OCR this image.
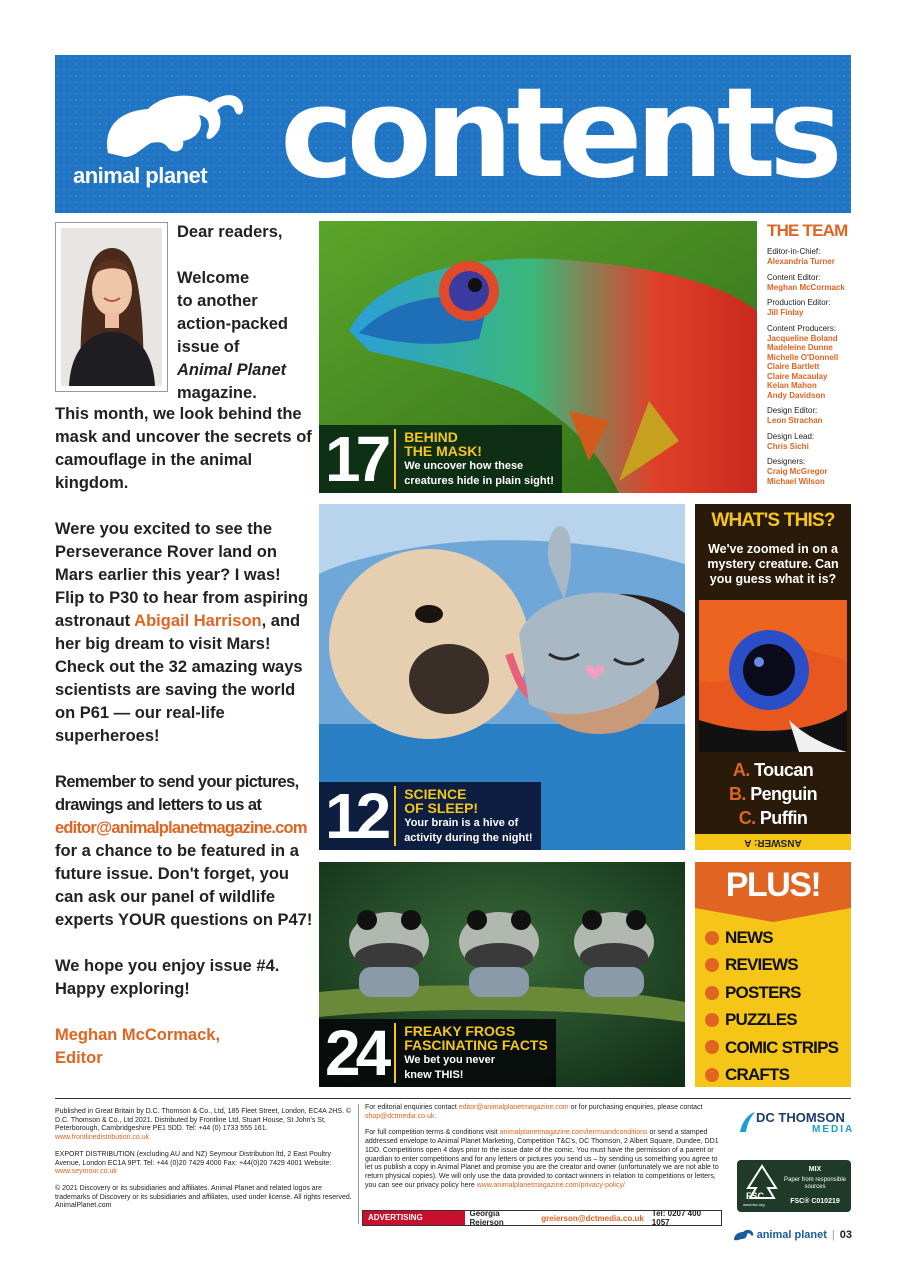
animal planet contents
Dear readers,
Welcome
to another
action-packed
issue of
Animal Planet
magazine.

This month, we look behind the mask and uncover the secrets of camouflage in the animal kingdom.

Were you excited to see the Perseverance Rover land on Mars earlier this year? I was! Flip to P30 to hear from aspiring astronaut Abigail Harrison, and her big dream to visit Mars! Check out the 32 amazing ways scientists are saving the world on P61 — our real-life superheroes!

Remember to send your pictures, drawings and letters to us at
editor@animalplanetmagazine.com
for a chance to be featured in a future issue. Don't forget, you can ask our panel of wildlife experts YOUR questions on P47!

We hope you enjoy issue #4. Happy exploring!

Meghan McCormack,
Editor

17	BEHIND
THE MASK!
We uncover how these
creatures hide in plain sight!
THE TEAM
Editor-in-Chief:
Alexandria Turner
Content Editor:
Meghan McCormack
Production Editor:
Jill Finlay
Content Producers:
Jacqueline Boland
Madeleine Dunne
Michelle O'Donnell
Claire Bartlett
Claire Macaulay
Kelan Mahon
Andy Davidson
Design Editor:
Leon Strachan
Design Lead:
Chris Sichi
Designers:
Craig McGregor
Michael Wilson
12	SCIENCE
OF SLEEP!
Your brain is a hive of
activity during the night!
WHAT'S THIS?
We've zoomed in on a mystery creature. Can you guess what it is?
A. Toucan
B. Penguin
C. Puffin
ANSWER: A
24	FREAKY FROGS
FASCINATING FACTS
We bet you never
knew THIS!
PLUS!
NEWS
REVIEWS
POSTERS
PUZZLES
COMIC STRIPS
CRAFTS

Published in Great Britain by D.C. Thomson & Co., Ltd, 185 Fleet Street, London, EC4A 2HS. © D.C. Thomson & Co., Ltd 2021. Distributed by Frontline Ltd, Stuart House, St John's St, Peterborough, Cambridgeshire PE1 5DD. Tel: +44 (0) 1733 555 161. www.frontlinedistribution.co.uk

EXPORT DISTRIBUTION (excluding AU and NZ) Seymour Distribution ltd, 2 East Poultry Avenue, London EC1A 9PT. Tel: +44 (0)20 7429 4000 Fax: +44(0)20 7429 4001 Website: www.seymour.co.uk

© 2021 Discovery or its subsidiaries and affiliates. Animal Planet and related logos are trademarks of Discovery or its subsidiaries and affiliates, used under license. All rights reserved. AnimalPlanet.com

For editorial enquiries contact editor@animalplanetmagazine.com or for purchasing enquiries, please contact shop@dctmedia.co.uk.

For full competition terms & conditions visit animalplanetmagazine.com/termsandconditions or send a stamped addressed envelope to Animal Planet Marketing, Competition T&C's, DC Thomson, 2 Albert Square, Dundee, DD1 1DD. Competitions open 4 days prior to the issue date of the comic. You must have the permission of a parent or guardian to enter competitions and for any letters or pictures you send us – by sending us something you agree to let us publish a copy in Animal Planet and promise you are the creator and owner (unfortunately we are not able to return physical copies). We will only use the data provided to contact winners in relation to competitions or letters, you can see our privacy policy here www.animalplanetmagazine.com/privacy-policy/

ADVERTISING CONTACT:
Georgia Reierson	greierson@dctmedia.co.uk	Tel: 0207 400 1057
DC THOMSON
MEDIA
FSC
www.fsc.org
MIX
Paper from responsible sources
FSC® C010219
animal planet | 03
